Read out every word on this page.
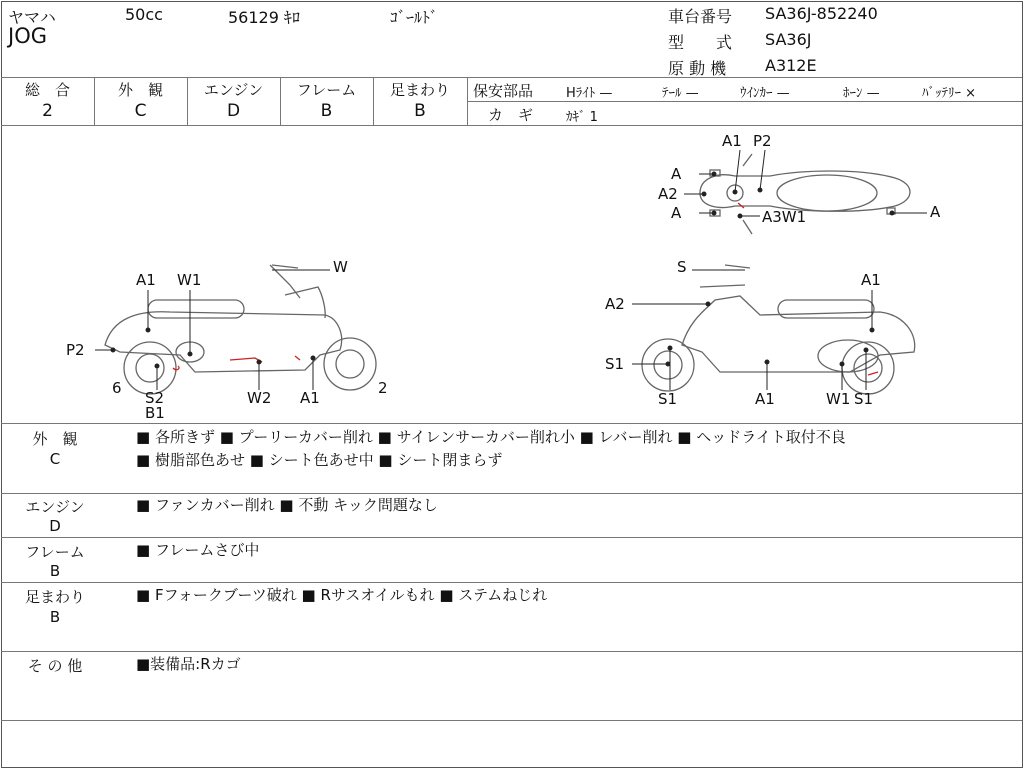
ヤマハ	50cc	56129 ｷﾛ	ｺﾞｰﾙﾄﾞ
JOG
車台番号 SA36J-852240
型　　式 SA36J
原 動 機 A312E
総　合
2
外　観
C
エンジン
D
フレーム
B
足まわり
B
保安部品	Hﾗｲﾄ —	ﾃｰﾙ —	ｳｲﾝｶｰ —	ﾎｰﾝ —	ﾊﾞｯﾃﾘｰ ×
カ　ギ	ｶｷﾞ 1
A1 P2
A
A2
A	A3W1	A
W
A1 W1
P2
6
S2
B1
W2 A1
2
S
A1
A2
S1
S1	A1	W1 S1
外　観
C
■ 各所きず ■ プーリーカバー削れ ■ サイレンサーカバー削れ小 ■ レバー削れ ■ ヘッドライト取付不良
■ 樹脂部色あせ ■ シート色あせ中 ■ シート閉まらず
エンジン
D
■ ファンカバー削れ ■ 不動 キック問題なし
フレーム
B
■ フレームさび中
足まわり
B
■ Fフォークブーツ破れ ■ Rサスオイルもれ ■ ステムねじれ
そ の 他	■装備品:Rカゴ
